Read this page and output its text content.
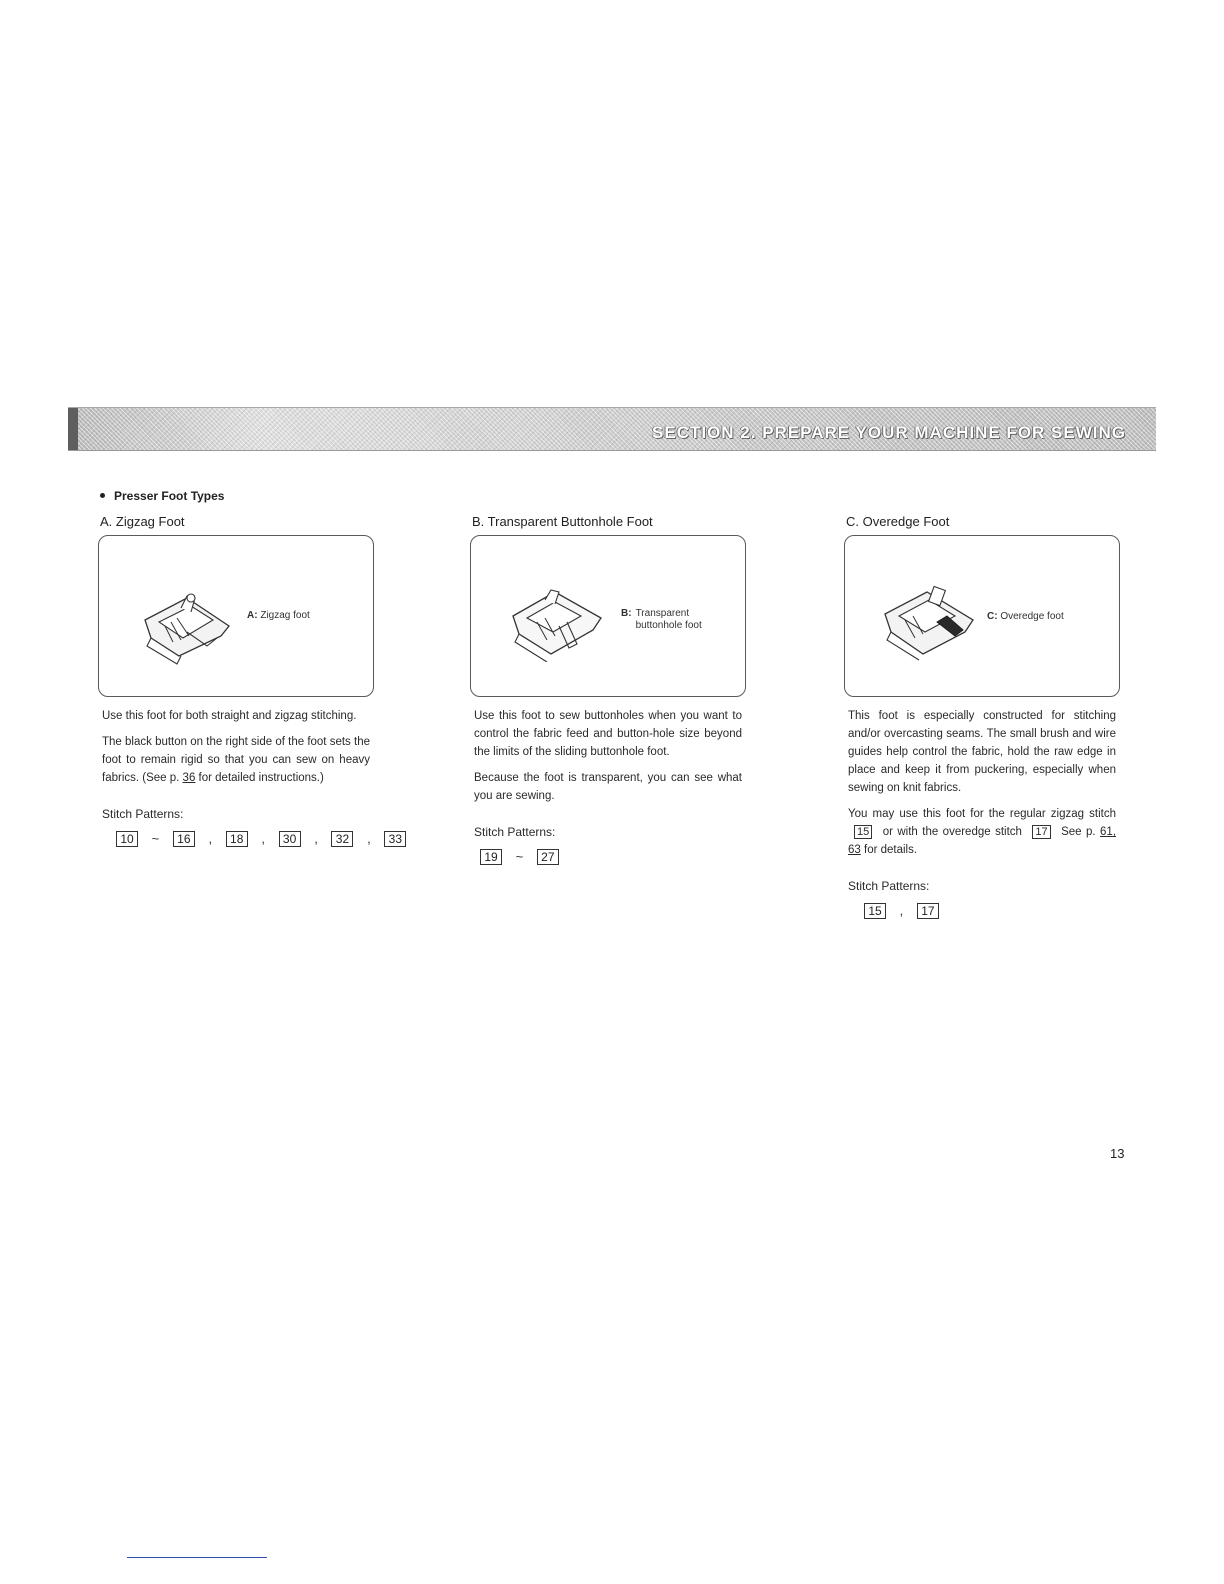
SECTION 2. PREPARE YOUR MACHINE FOR SEWING
Presser Foot Types
A. Zigzag Foot
A: Zigzag foot
Use this foot for both straight and zigzag stitching.
The black button on the right side of the foot sets the foot to remain rigid so that you can sew on heavy fabrics. (See p. 36 for detailed instructions.)
Stitch Patterns:
10 ~ 16 , 18 , 30 , 32 , 33
B. Transparent Buttonhole Foot
B: Transparent buttonhole foot
Use this foot to sew buttonholes when you want to control the fabric feed and button-hole size beyond the limits of the sliding buttonhole foot.
Because the foot is transparent, you can see what you are sewing.
Stitch Patterns:
19 ~ 27
C. Overedge Foot
C: Overedge foot
This foot is especially constructed for stitching and/or overcasting seams. The small brush and wire guides help control the fabric, hold the raw edge in place and keep it from puckering, especially when sewing on knit fabrics.
You may use this foot for the regular zigzag stitch 15 or with the overedge stitch 17 See p. 61, 63 for details.
Stitch Patterns:
15 , 17
13
